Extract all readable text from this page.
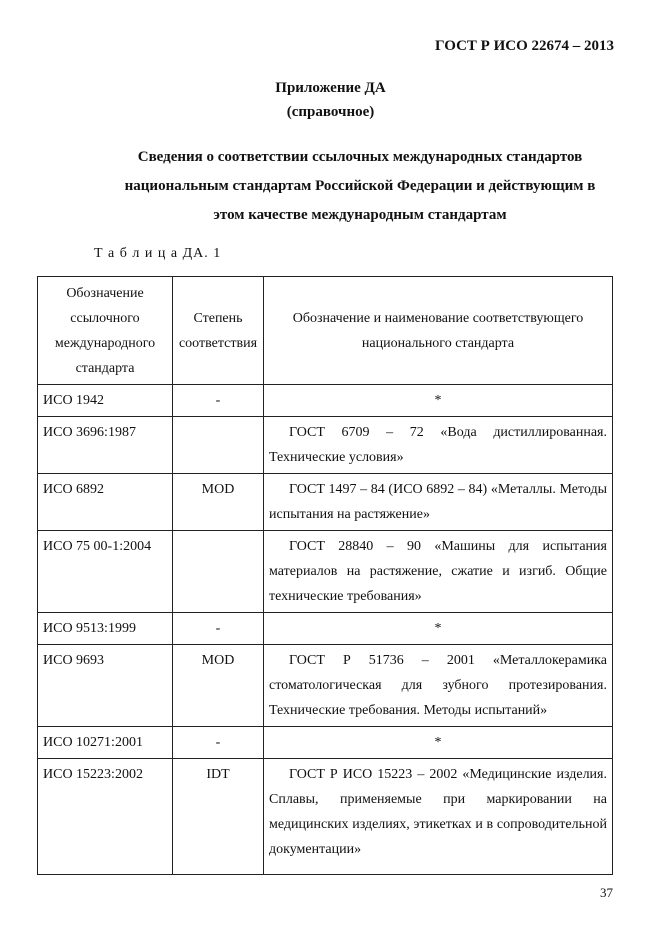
ГОСТ Р ИСО 22674 – 2013
Приложение ДА
(справочное)
Сведения о соответствии ссылочных международных стандартов
национальным стандартам Российской Федерации и действующим в
этом качестве международным стандартам
Т а б л и ц а ДА. 1
Обозначение ссылочного международного стандарта	Степень соответствия	Обозначение и наименование соответствующего национального стандарта
ИСО 1942	-	*
ИСО 3696:1987		ГОСТ 6709 – 72 «Вода дистиллированная. Технические условия»
ИСО 6892	MOD	ГОСТ 1497 – 84 (ИСО 6892 – 84) «Металлы. Методы испытания на растяжение»
ИСО 75 00-1:2004		ГОСТ 28840 – 90 «Машины для испытания материалов на растяжение, сжатие и изгиб. Общие технические требования»
ИСО 9513:1999	-	*
ИСО 9693	MOD	ГОСТ Р 51736 – 2001 «Металлокерамика стоматологическая для зубного протезирования. Технические требования. Методы испытаний»
ИСО 10271:2001	-	*
ИСО 15223:2002	IDT	ГОСТ Р ИСО 15223 – 2002 «Медицинские изделия. Сплавы, применяемые при маркировании на медицинских изделиях, этикетках и в сопроводительной документации»
37
